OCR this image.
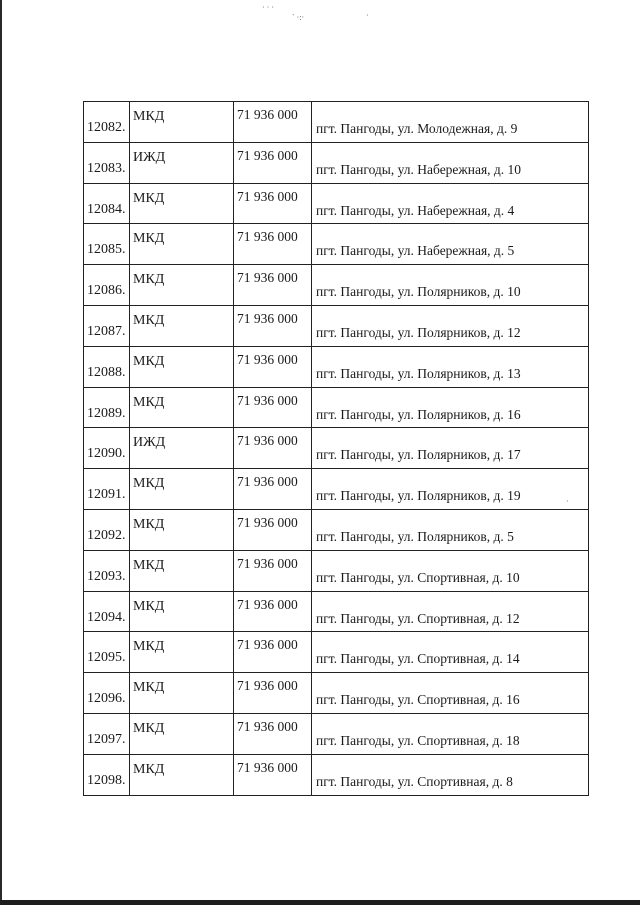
· · ·
ˋ ·:·	·
·
12082.	МКД	71 936 000	пгт. Пангоды, ул. Молодежная, д. 9

12083.	ИЖД	71 936 000	пгт. Пангоды, ул. Набережная, д. 10

12084.	МКД	71 936 000	пгт. Пангоды, ул. Набережная, д. 4

12085.	МКД	71 936 000	пгт. Пангоды, ул. Набережная, д. 5

12086.	МКД	71 936 000	пгт. Пангоды, ул. Полярников, д. 10

12087.	МКД	71 936 000	пгт. Пангоды, ул. Полярников, д. 12

12088.	МКД	71 936 000	пгт. Пангоды, ул. Полярников, д. 13

12089.	МКД	71 936 000	пгт. Пангоды, ул. Полярников, д. 16

12090.	ИЖД	71 936 000	пгт. Пангоды, ул. Полярников, д. 17

12091.	МКД	71 936 000	пгт. Пангоды, ул. Полярников, д. 19

12092.	МКД	71 936 000	пгт. Пангоды, ул. Полярников, д. 5

12093.	МКД	71 936 000	пгт. Пангоды, ул. Спортивная, д. 10

12094.	МКД	71 936 000	пгт. Пангоды, ул. Спортивная, д. 12

12095.	МКД	71 936 000	пгт. Пангоды, ул. Спортивная, д. 14

12096.	МКД	71 936 000	пгт. Пангоды, ул. Спортивная, д. 16

12097.	МКД	71 936 000	пгт. Пангоды, ул. Спортивная, д. 18

12098.	МКД	71 936 000	пгт. Пангоды, ул. Спортивная, д. 8
